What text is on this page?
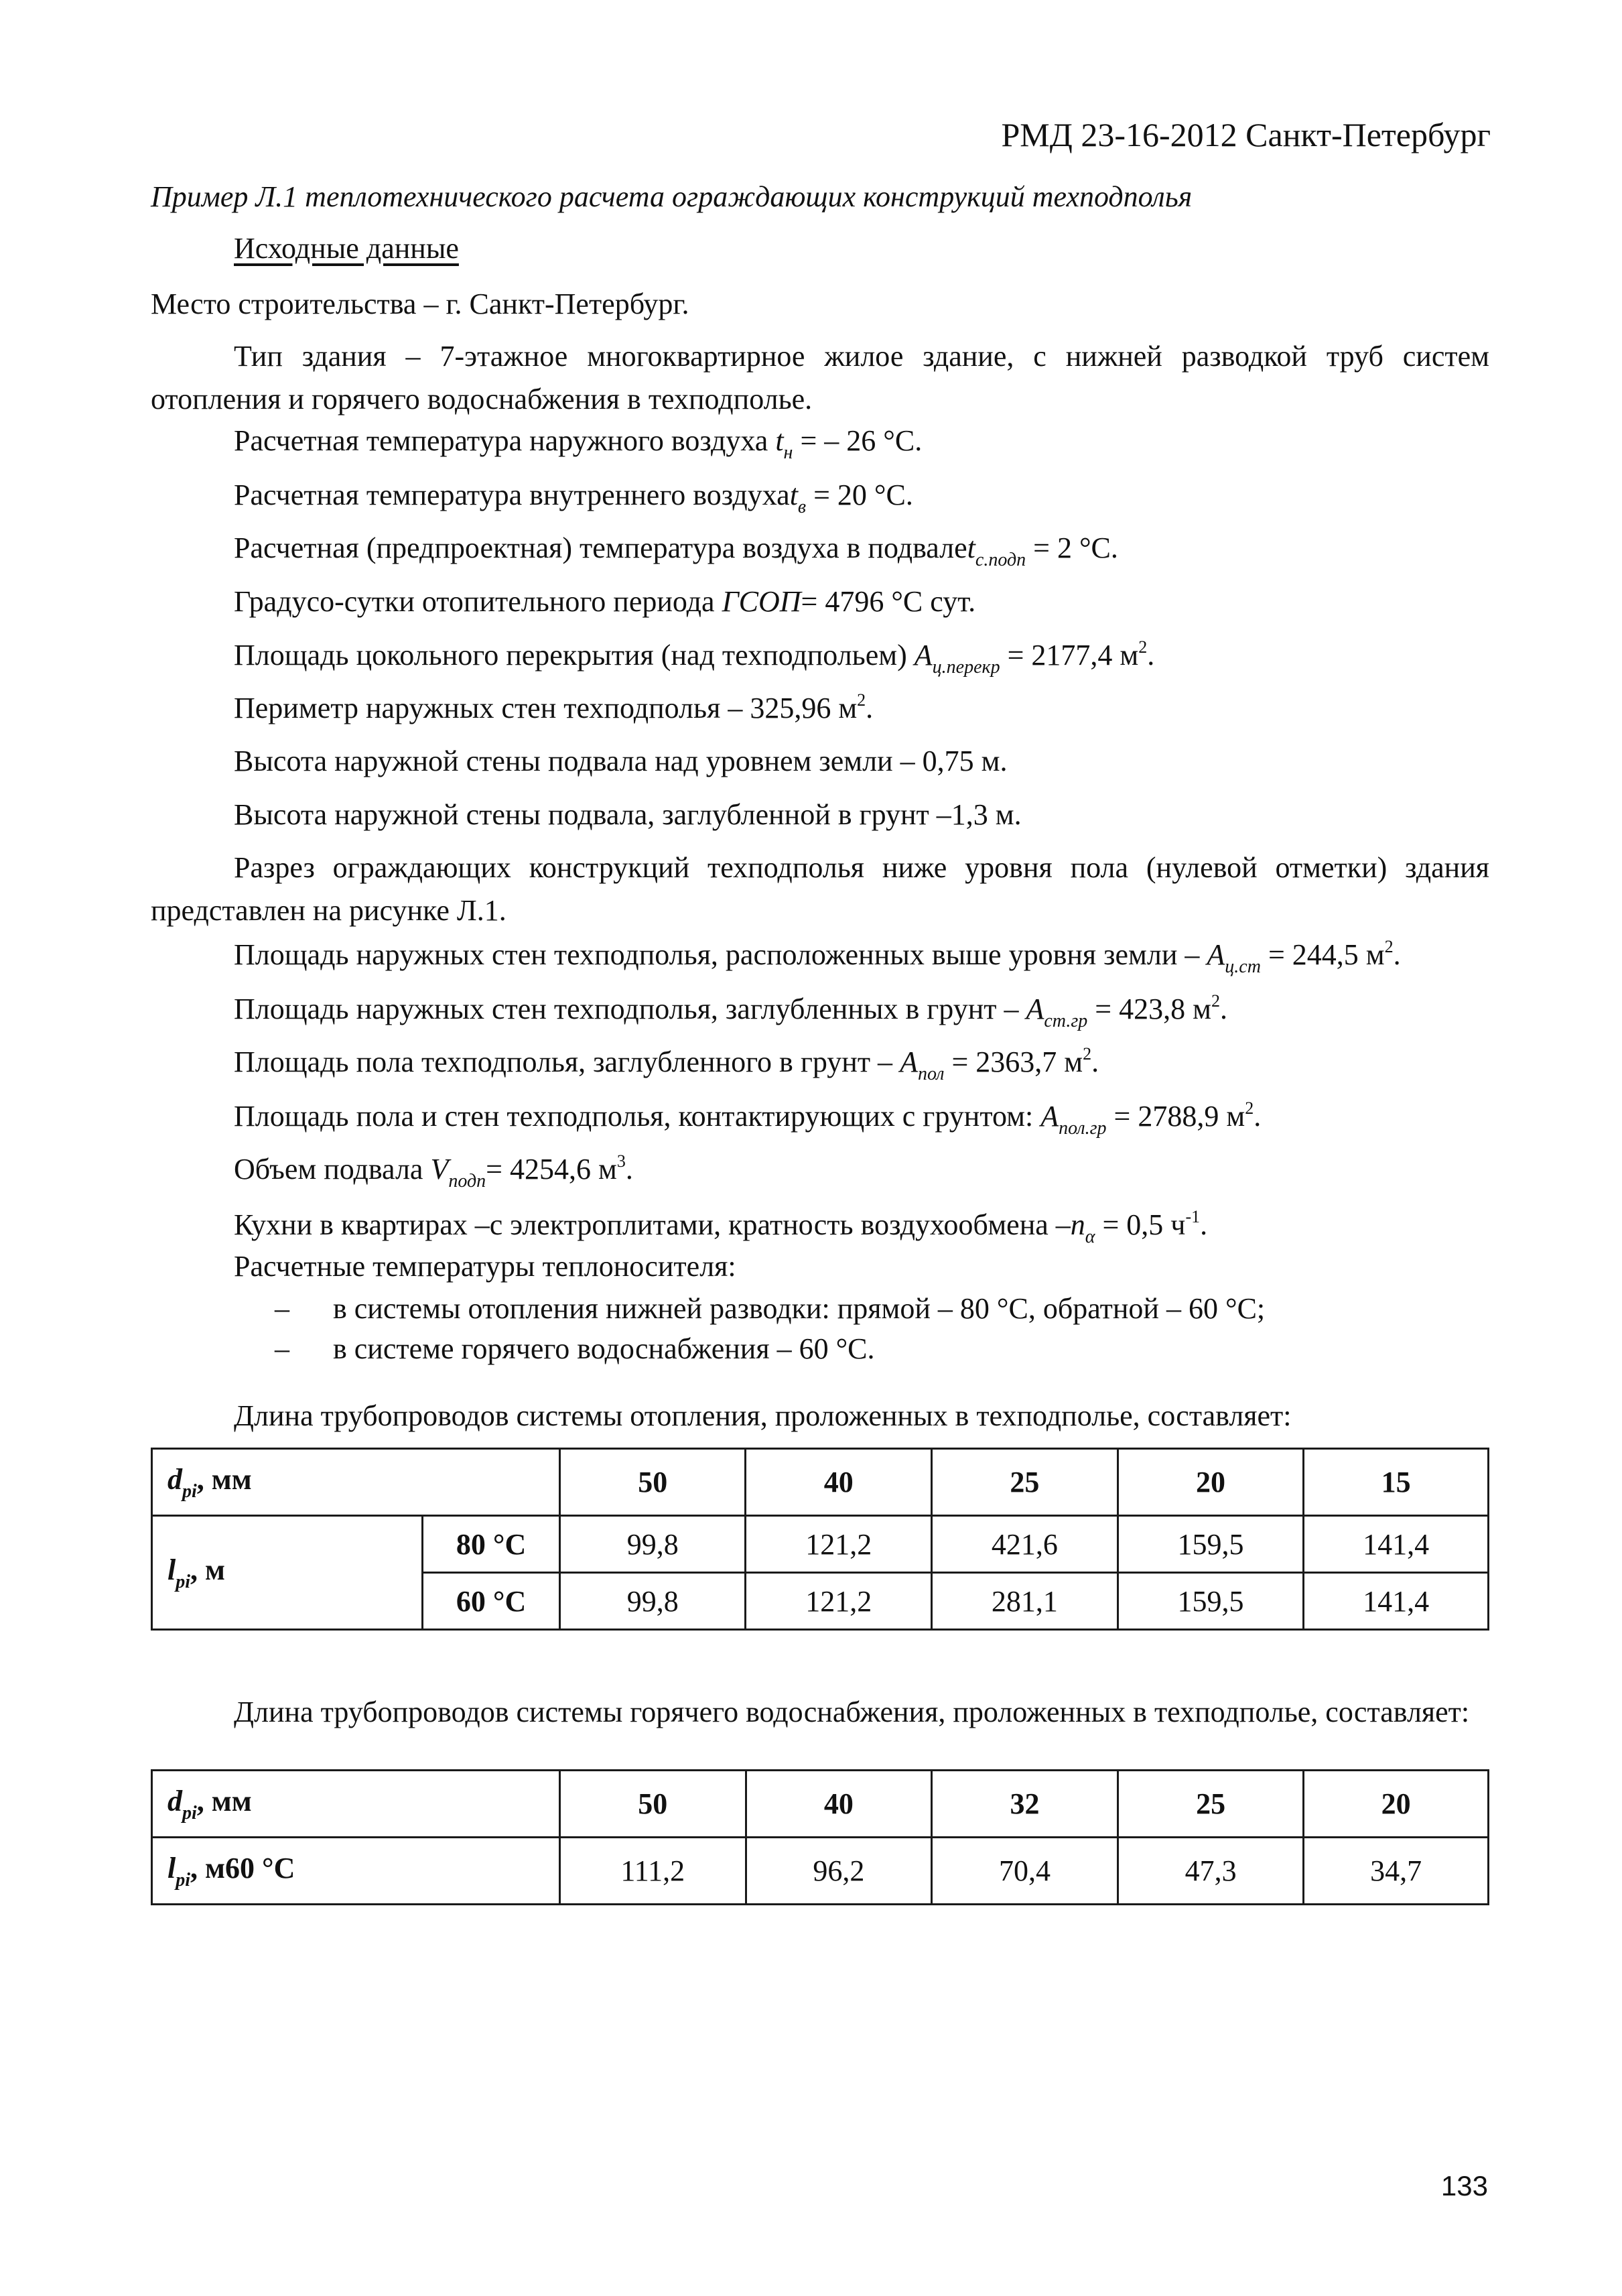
РМД 23-16-2012 Санкт-Петербург
Пример Л.1 теплотехнического расчета ограждающих конструкций техподполья
Исходные данные
Место строительства – г. Санкт-Петербург.
Тип здания – 7-этажное многоквартирное жилое здание, с нижней разводкой труб систем отопления и горячего водоснабжения в техподполье.
Расчетная температура наружного воздуха $t_н$ = – 26 °С.
Расчетная температура внутреннего воздухаt$_в$ = 20 °С.
Расчетная (предпроектная) температура воздуха в подвалеt$_{с.подп}$ = 2 °С.
Градусо-сутки отопительного периода ГСОП= 4796 °С сут.
Площадь цокольного перекрытия (над техподпольем) $A_{ц.перекр} = 2177,4$ $м^2$.
Периметр наружных стен техподполья – 325,96 $м^2$.
Высота наружной стены подвала над уровнем земли – 0,75 м.
Высота наружной стены подвала, заглубленной в грунт –1,3 м.
Разрез ограждающих конструкций техподполья ниже уровня пола (нулевой отметки) здания представлен на рисунке Л.1.
Площадь наружных стен техподполья, расположенных выше уровня земли – $A_{ц.ст} = 244,5$ $м^2$.
Площадь наружных стен техподполья, заглубленных в грунт – $A_{ст.гр} = 423,8$ $м^2$.
Площадь пола техподполья, заглубленного в грунт – $A_{пол} = 2363,7$ $м^2$.
Площадь пола и стен техподполья, контактирующих с грунтом: $A_{пол.гр} = 2788,9$ $м^2$.
Объем подвала $V_{подп}= 4254,6$ $м^3$.
Кухни в квартирах –с электроплитами, кратность воздухообмена $-n_\alpha = 0,5$ $ч^{-1}$.
Расчетные температуры теплоносителя:
– в системы отопления нижней разводки: прямой – 80 °С, обратной – 60 °С;
– в системе горячего водоснабжения – 60 °С.
Длина трубопроводов системы отопления, проложенных в техподполье, составляет:
$d_{pi}$, мм		50	40	25	20	15
$l_{pi}$, м	80 °С	99,8	121,2	421,6	159,5	141,4
	60 °С	99,8	121,2	281,1	159,5	141,4
Длина трубопроводов системы горячего водоснабжения, проложенных в техподполье, составляет:
$d_{pi}$, мм	50	40	32	25	20
$l_{pi}$, м60 °С	111,2	96,2	70,4	47,3	34,7
133
